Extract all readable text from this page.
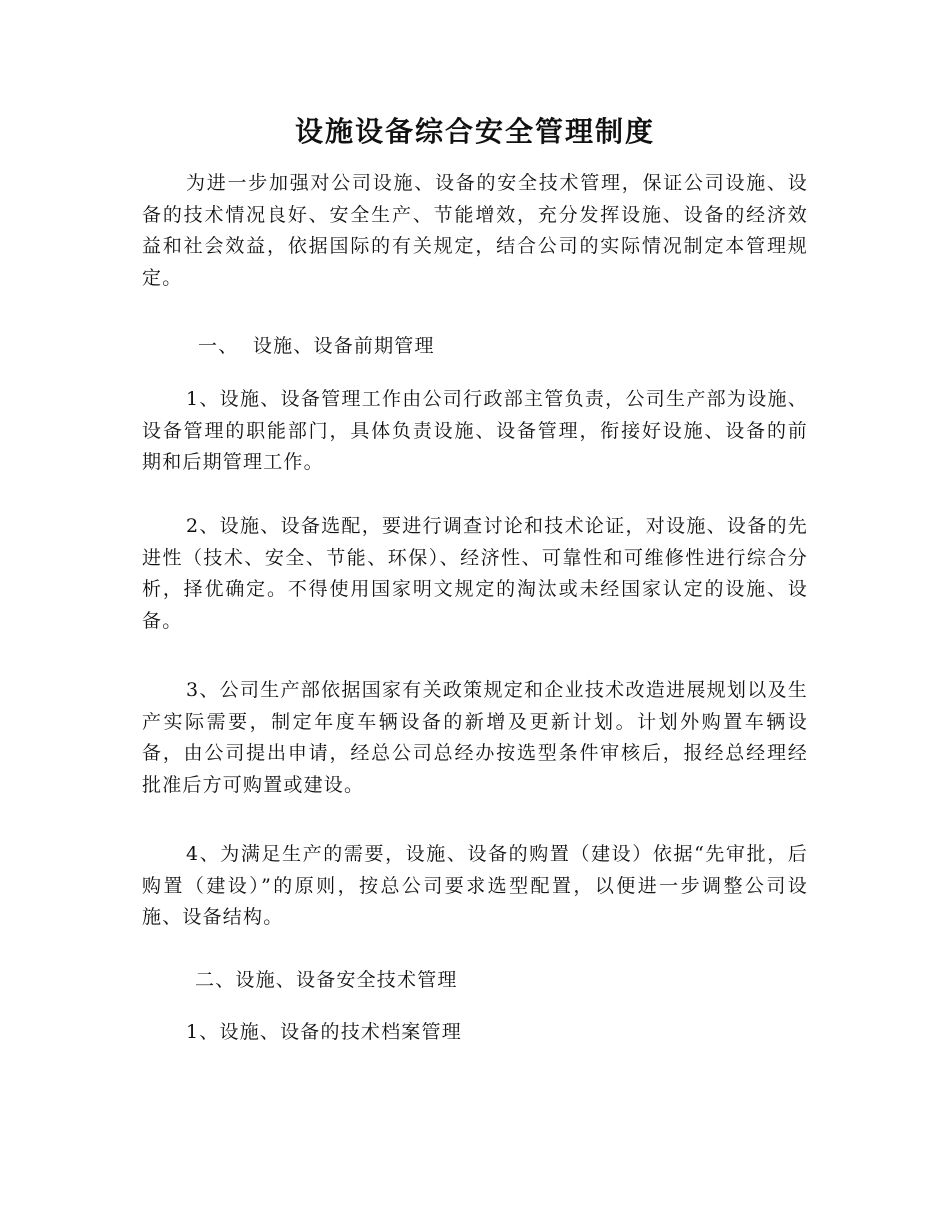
设施设备综合安全管理制度

为进一步加强对公司设施、设备的安全技术管理，保证公司设施、设备的技术情况良好、安全生产、节能增效，充分发挥设施、设备的经济效益和社会效益，依据国际的有关规定，结合公司的实际情况制定本管理规定。

一、 设施、设备前期管理

1、设施、设备管理工作由公司行政部主管负责，公司生产部为设施、设备管理的职能部门，具体负责设施、设备管理，衔接好设施、设备的前期和后期管理工作。

2、设施、设备选配，要进行调查讨论和技术论证，对设施、设备的先进性（技术、安全、节能、环保）、经济性、可靠性和可维修性进行综合分析，择优确定。不得使用国家明文规定的淘汰或未经国家认定的设施、设备。

3、公司生产部依据国家有关政策规定和企业技术改造进展规划以及生产实际需要，制定年度车辆设备的新增及更新计划。计划外购置车辆设备，由公司提出申请，经总公司总经办按选型条件审核后，报经总经理经批准后方可购置或建设。

4、为满足生产的需要，设施、设备的购置（建设）依据“先审批，后购置（建设）”的原则，按总公司要求选型配置，以便进一步调整公司设施、设备结构。

二、设施、设备安全技术管理

1、设施、设备的技术档案管理
